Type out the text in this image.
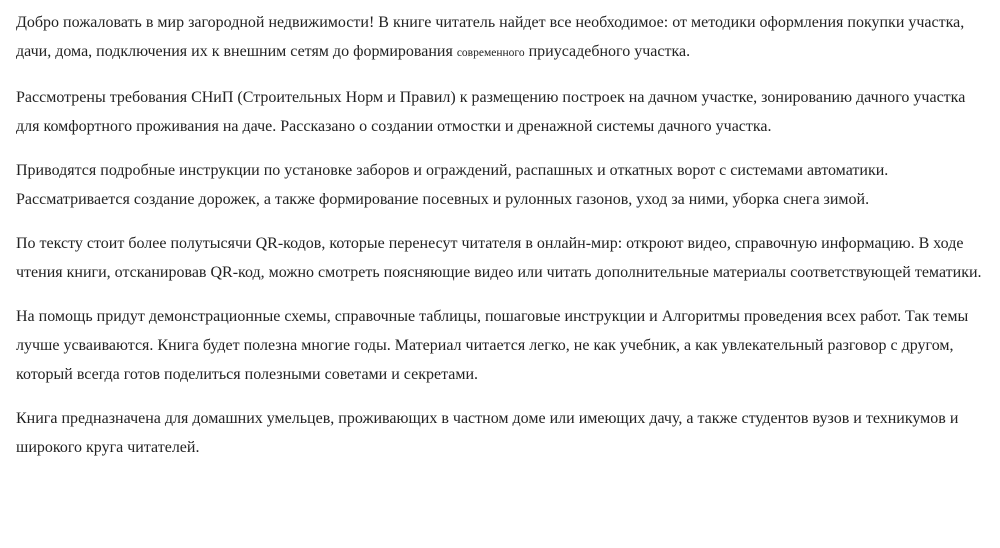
Добро пожаловать в мир загородной недвижимости! В книге читатель найдет все необходимое: от методики оформления покупки участка, дачи, дома, подключения их к внешним сетям до формирования современного приусадебного участка.

Рассмотрены требования СНиП (Строительных Норм и Правил) к размещению построек на дачном участке, зонированию дачного участка для комфортного проживания на даче. Рассказано о создании отмостки и дренажной системы дачного участка.

Приводятся подробные инструкции по установке заборов и ограждений, распашных и откатных ворот с системами автоматики. Рассматривается создание дорожек, а также формирование посевных и рулонных газонов, уход за ними, уборка снега зимой.

По тексту стоит более полутысячи QR-кодов, которые перенесут читателя в онлайн-мир: откроют видео, справочную информацию. В ходе чтения книги, отсканировав QR-код, можно смотреть поясняющие видео или читать дополнительные материалы соответствующей тематики.

На помощь придут демонстрационные схемы, справочные таблицы, пошаговые инструкции и Алгоритмы проведения всех работ. Так темы лучше усваиваются. Книга будет полезна многие годы. Материал читается легко, не как учебник, а как увлекательный разговор с другом, который всегда готов поделиться полезными советами и секретами.

Книга предназначена для домашних умельцев, проживающих в частном доме или имеющих дачу, а также студентов вузов и техникумов и широкого круга читателей.
